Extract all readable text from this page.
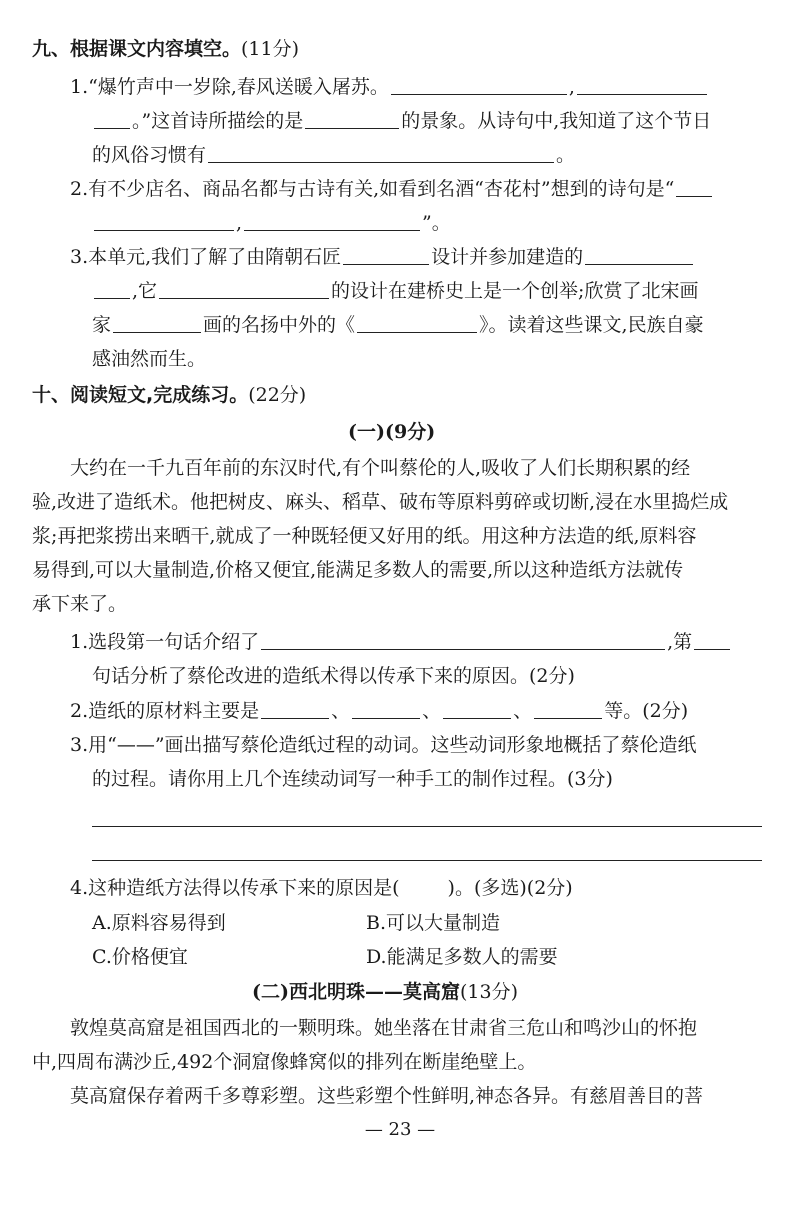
九、根据课文内容填空。(11分)
1.“爆竹声中一岁除,春风送暖入屠苏。	,
。”这首诗所描绘的是	的景象。从诗句中,我知道了这个节日
的风俗习惯有	。
2.有不少店名、商品名都与古诗有关,如看到名酒“杏花村”想到的诗句是“
,	”。
3.本单元,我们了解了由隋朝石匠	设计并参加建造的
,它	的设计在建桥史上是一个创举;欣赏了北宋画
家	画的名扬中外的《	》。读着这些课文,民族自豪
感油然而生。
十、阅读短文,完成练习。(22分)
(一)(9分)
大约在一千九百年前的东汉时代,有个叫蔡伦的人,吸收了人们长期积累的经
验,改进了造纸术。他把树皮、麻头、稻草、破布等原料剪碎或切断,浸在水里捣烂成
浆;再把浆捞出来晒干,就成了一种既轻便又好用的纸。用这种方法造的纸,原料容
易得到,可以大量制造,价格又便宜,能满足多数人的需要,所以这种造纸方法就传
承下来了。
1.选段第一句话介绍了	,第
句话分析了蔡伦改进的造纸术得以传承下来的原因。(2分)
2.造纸的原材料主要是	、	、	、	等。(2分)
3.用“——”画出描写蔡伦造纸过程的动词。这些动词形象地概括了蔡伦造纸
的过程。请你用上几个连续动词写一种手工的制作过程。(3分)
4.这种造纸方法得以传承下来的原因是(	)。(多选)(2分)
A.原料容易得到	B.可以大量制造
C.价格便宜	D.能满足多数人的需要
(二)西北明珠——莫高窟(13分)
敦煌莫高窟是祖国西北的一颗明珠。她坐落在甘肃省三危山和鸣沙山的怀抱
中,四周布满沙丘,492个洞窟像蜂窝似的排列在断崖绝壁上。
莫高窟保存着两千多尊彩塑。这些彩塑个性鲜明,神态各异。有慈眉善目的菩
— 23 —
